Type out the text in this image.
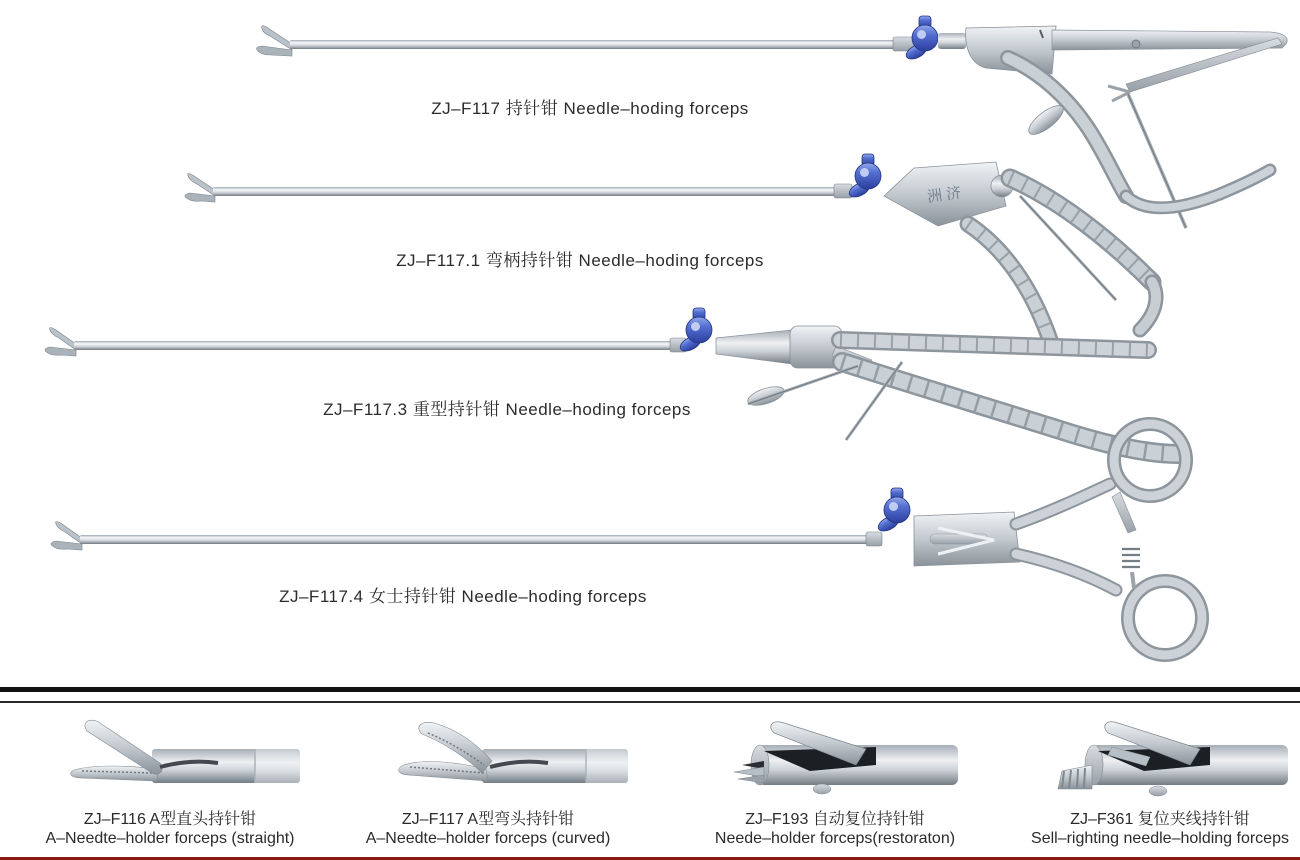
洲济
ZJ–F117 持针钳 Needle–hoding forceps
ZJ–F117.1 弯柄持针钳 Needle–hoding forceps
ZJ–F117.3 重型持针钳 Needle–hoding forceps
ZJ–F117.4 女士持针钳 Needle–hoding forceps
ZJ–F116 A型直头持针钳
A–Needte–holder forceps (straight)
ZJ–F117 A型弯头持针钳
A–Needte–holder forceps (curved)
ZJ–F193 自动复位持针钳
Neede–holder forceps(restoraton)
ZJ–F361 复位夹线持针钳
Sell–righting needle–holding forceps
